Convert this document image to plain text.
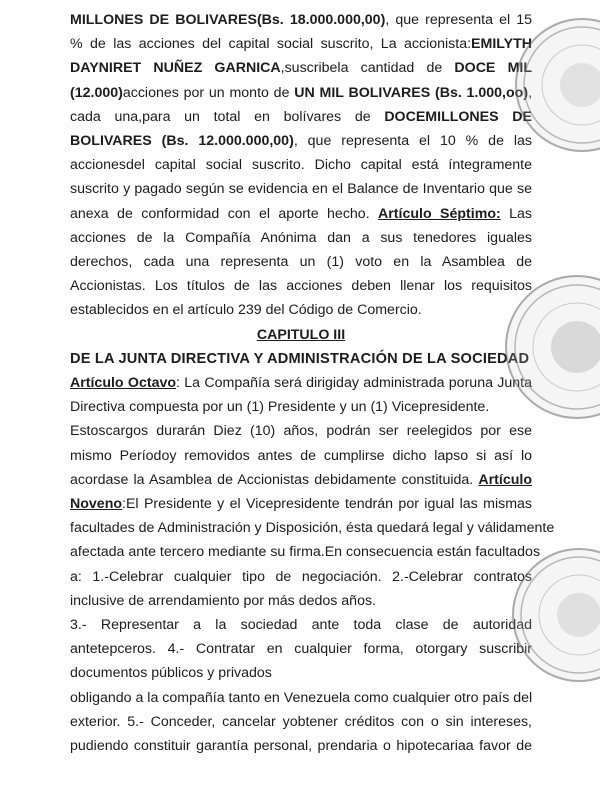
MILLONES DE BOLIVARES(Bs. 18.000.000,00), que representa el 15
% de las acciones del capital social suscrito, La accionista:EMILYTH
DAYNIRET NUÑEZ GARNICA,suscribela cantidad de DOCE MIL
(12.000)acciones por un monto de UN MIL BOLIVARES (Bs. 1.000,oo),
cada una,para un total en bolívares de DOCEMILLONES DE
BOLIVARES (Bs. 12.000.000,00), que representa el 10 % de las
accionesdel capital social suscrito. Dicho capital está íntegramente
suscrito y pagado según se evidencia en el Balance de Inventario que se
anexa de conformidad con el aporte hecho. Artículo Séptimo: Las
acciones de la Compañía Anónima dan a sus tenedores iguales
derechos, cada una representa un (1) voto en la Asamblea de
Accionistas. Los títulos de las acciones deben llenar los requisitos
establecidos en el artículo 239 del Código de Comercio.
CAPITULO III
DE LA JUNTA DIRECTIVA Y ADMINISTRACIÓN DE LA SOCIEDAD
Artículo Octavo: La Compañía será dirigiday administrada poruna Junta
Directiva compuesta por un (1) Presidente y un (1) Vicepresidente.
Estoscargos durarán Diez (10) años, podrán ser reelegidos por ese
mismo Períodoy removidos antes de cumplirse dicho lapso si así lo
acordase la Asamblea de Accionistas debidamente constituida. Artículo
Noveno:El Presidente y el Vicepresidente tendrán por igual las mismas
facultades de Administración y Disposición, ésta quedará legal y válidamente
afectada ante tercero mediante su firma.En consecuencia están facultados
a: 1.-Celebrar cualquier tipo de negociación. 2.-Celebrar contratos
inclusive de arrendamiento por más dedos años.
3.- Representar a la sociedad ante toda clase de autoridad
antetерceros. 4.- Contratar en cualquier forma, otorgary suscribir
documentos públicos y privados
obligando a la compañía tanto en Venezuela como cualquier otro país del
exterior. 5.- Conceder, cancelar yobtener créditos con o sin intereses,
pudiendo constituir garantía personal, prendaria o hipotecariaa favor de
